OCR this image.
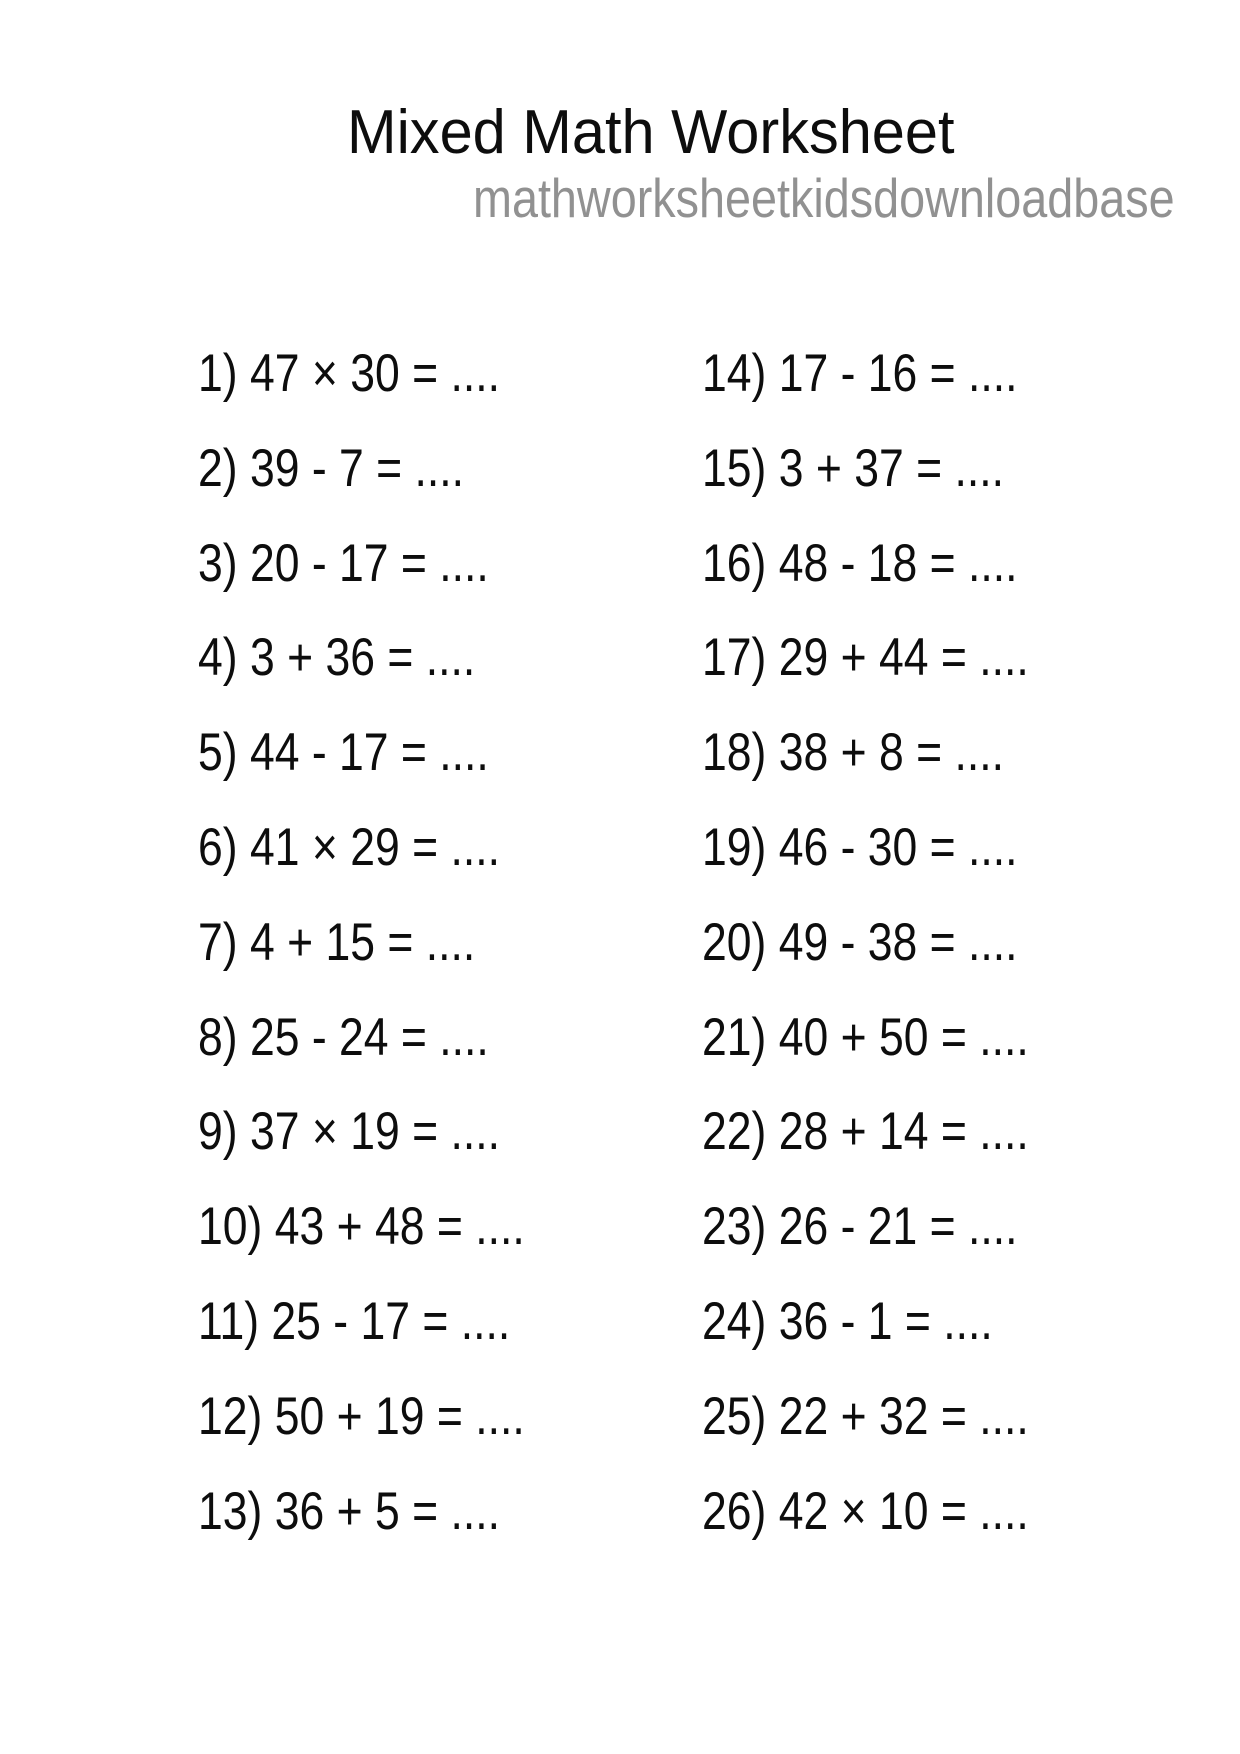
Mixed Math Worksheet
mathworksheetkidsdownloadbase
1) 47 × 30 = ....
2) 39 - 7 = ....
3) 20 - 17 = ....
4) 3 + 36 = ....
5) 44 - 17 = ....
6) 41 × 29 = ....
7) 4 + 15 = ....
8) 25 - 24 = ....
9) 37 × 19 = ....
10) 43 + 48 = ....
11) 25 - 17 = ....
12) 50 + 19 = ....
13) 36 + 5 = ....
14) 17 - 16 = ....
15) 3 + 37 = ....
16) 48 - 18 = ....
17) 29 + 44 = ....
18) 38 + 8 = ....
19) 46 - 30 = ....
20) 49 - 38 = ....
21) 40 + 50 = ....
22) 28 + 14 = ....
23) 26 - 21 = ....
24) 36 - 1 = ....
25) 22 + 32 = ....
26) 42 × 10 = ....
